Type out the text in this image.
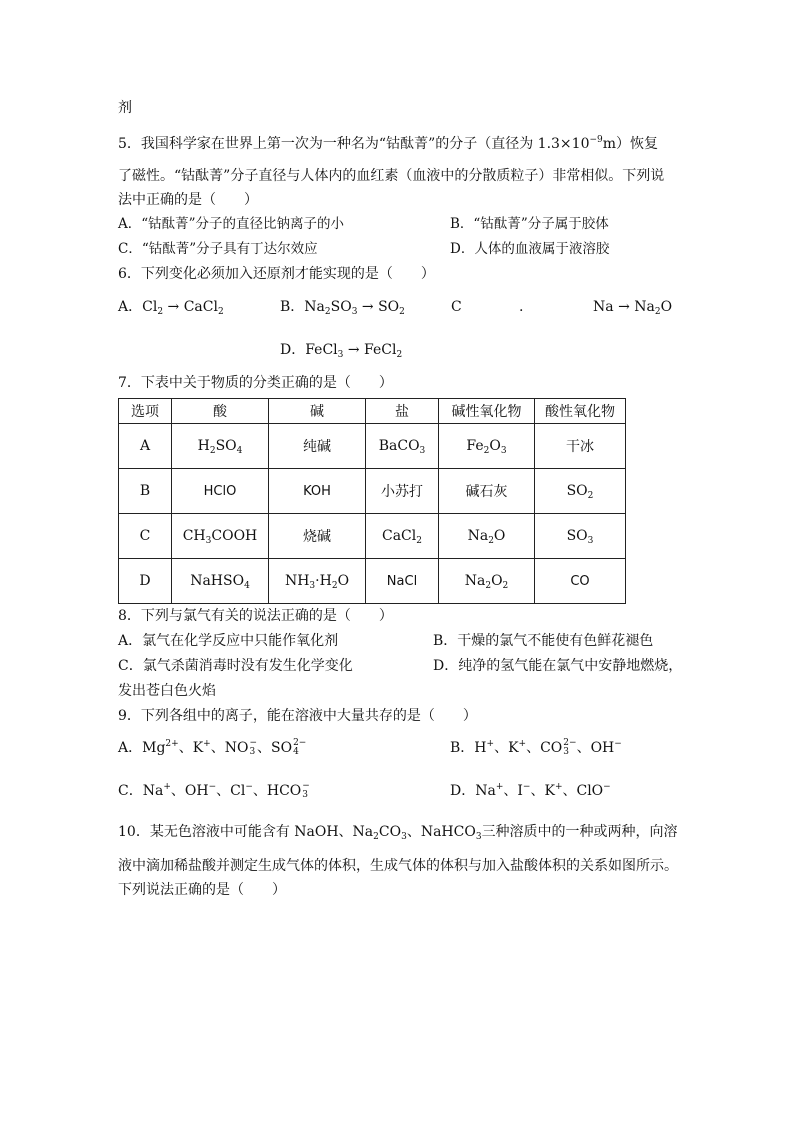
剂
5．我国科学家在世界上第一次为一种名为“钴酞菁”的分子（直径为 $1.3\times 10^{-9}m$）恢复
了磁性。“钴酞菁”分子直径与人体内的血红素（血液中的分散质粒子）非常相似。下列说
法中正确的是（　　）
A．“钴酞菁”分子的直径比钠离子的小	B．“钴酞菁”分子属于胶体
C．“钴酞菁”分子具有丁达尔效应	D．人体的血液属于液溶胶
6．下列变化必须加入还原剂才能实现的是（　　）
A．$Cl_2$ → CaCl$_2$	B．$Na_2SO_3 \to SO_2$	C	.	$Na \to Na_2O$
D．FeCl$_3$ → FeCl$_2$
7．下表中关于物质的分类正确的是（　　）
选项	酸	碱	盐	碱性氧化物	酸性氧化物
A	$H_2SO_4$	纯碱	BaCO$_3$	$Fe_2O_3$	干冰
B	HClO	KOH	小苏打	碱石灰	$SO_2$
C	$CH_3COOH$	烧碱	CaCl$_2$	$Na_2O$	$SO_3$
D	NaHSO$_4$	$NH_3\cdot H_2O$	NaCl	$Na_2O_2$	CO
8．下列与氯气有关的说法正确的是（　　）
A．氯气在化学反应中只能作氧化剂	B．干燥的氯气不能使有色鲜花褪色
C．氯气杀菌消毒时没有发生化学变化	D．纯净的氢气能在氯气中安静地燃烧，
发出苍白色火焰
9．下列各组中的离子，能在溶液中大量共存的是（　　）
A．$Mg^{2+}$、K+、NO −
3 、SO 2−
4	B．H+、K+、CO 2−
3 、OH−
C．Na+、OH−、Cl−、HCO −
3	D．Na+、I−、K+、ClO−
10．某无色溶液中可能含有 NaOH、$Na_2CO_3$、NaHCO$_3$三种溶质中的一种或两种，向溶
液中滴加稀盐酸并测定生成气体的体积，生成气体的体积与加入盐酸体积的关系如图所示。
下列说法正确的是（　　）
